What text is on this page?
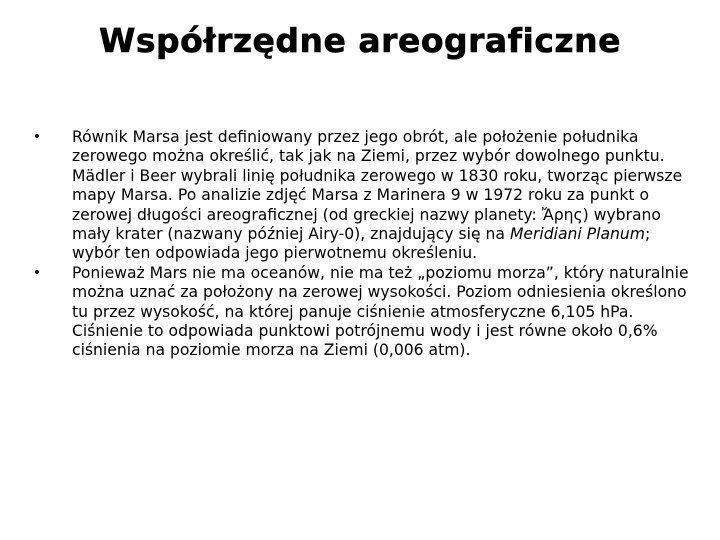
Współrzędne areograficzne
• Równik Marsa jest definiowany przez jego obrót, ale położenie południka zerowego można określić, tak jak na Ziemi, przez wybór dowolnego punktu. Mädler i Beer wybrali linię południka zerowego w 1830 roku, tworząc pierwsze mapy Marsa. Po analizie zdjęć Marsa z Marinera 9 w 1972 roku za punkt o zerowej długości areograficznej (od greckiej nazwy planety: Ἄρης) wybrano mały krater (nazwany później Airy-0), znajdujący się na Meridiani Planum; wybór ten odpowiada jego pierwotnemu określeniu.
• Ponieważ Mars nie ma oceanów, nie ma też „poziomu morza”, który naturalnie można uznać za położony na zerowej wysokości. Poziom odniesienia określono tu przez wysokość, na której panuje ciśnienie atmosferyczne 6,105 hPa. Ciśnienie to odpowiada punktowi potrójnemu wody i jest równe około 0,6% ciśnienia na poziomie morza na Ziemi (0,006 atm).
